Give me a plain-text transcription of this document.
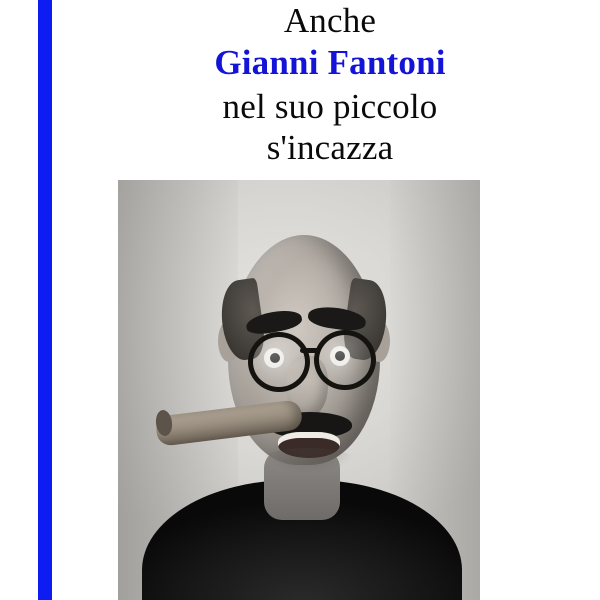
Anche
Gianni Fantoni
nel suo piccolo
s'incazza
